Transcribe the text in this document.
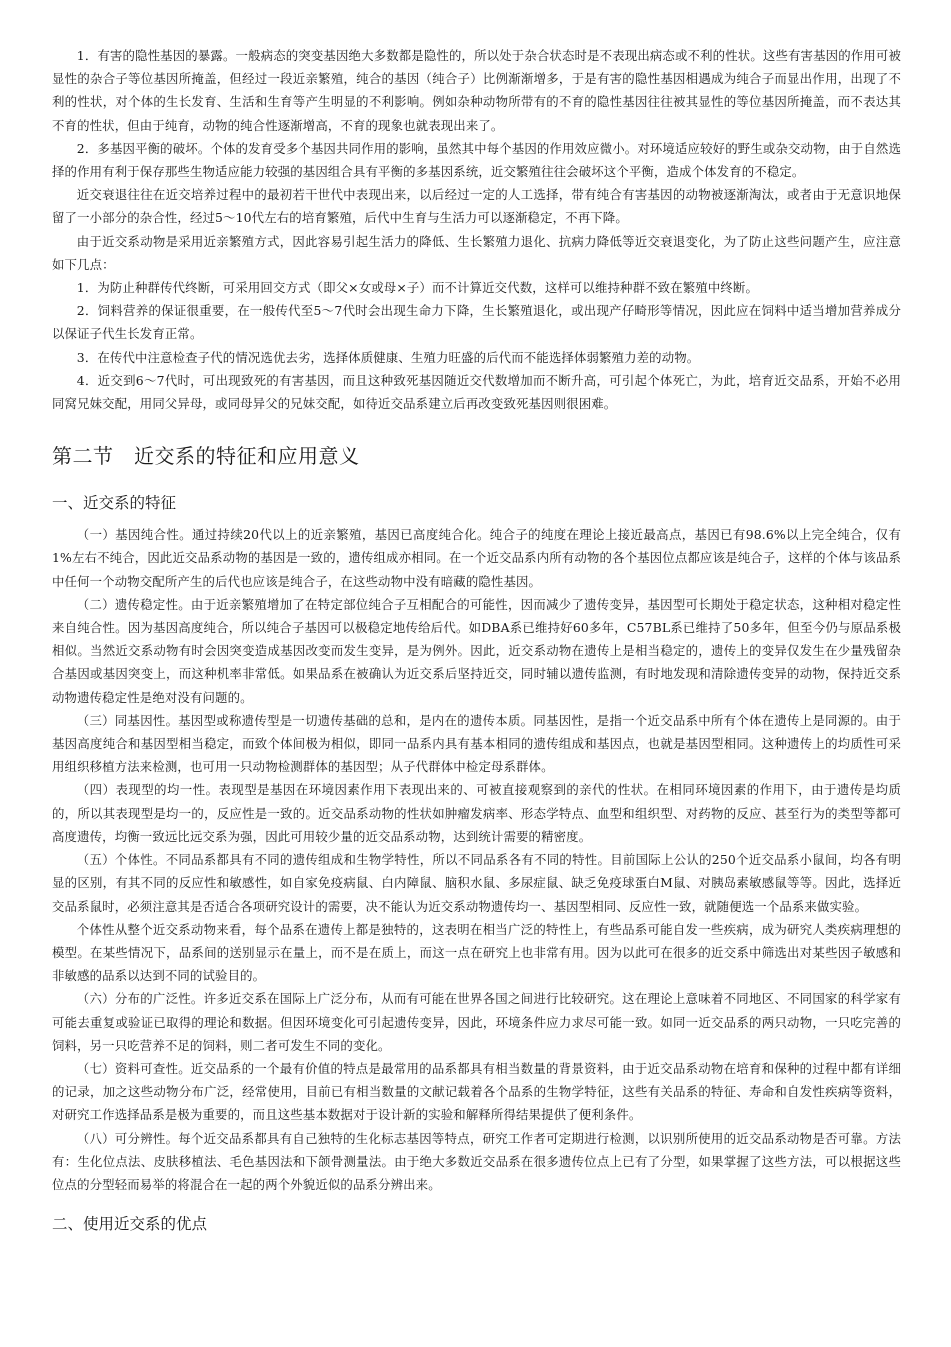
1．有害的隐性基因的暴露。一般病态的突变基因绝大多数都是隐性的，所以处于杂合状态时是不表现出病态或不利的性状。这些有害基因的作用可被显性的杂合子等位基因所掩盖，但经过一段近亲繁殖，纯合的基因（纯合子）比例渐渐增多，于是有害的隐性基因相遇成为纯合子而显出作用，出现了不利的性状，对个体的生长发育、生活和生育等产生明显的不利影响。例如杂种动物所带有的不育的隐性基因往往被其显性的等位基因所掩盖，而不表达其不育的性状，但由于纯育，动物的纯合性逐渐增高，不育的现象也就表现出来了。

2．多基因平衡的破坏。个体的发育受多个基因共同作用的影响，虽然其中每个基因的作用效应微小。对环境适应较好的野生或杂交动物，由于自然选择的作用有利于保存那些生物适应能力较强的基因组合具有平衡的多基因系统，近交繁殖往往会破坏这个平衡，造成个体发育的不稳定。

近交衰退往往在近交培养过程中的最初若干世代中表现出来，以后经过一定的人工选择，带有纯合有害基因的动物被逐渐淘汰，或者由于无意识地保留了一小部分的杂合性，经过5～10代左右的培育繁殖，后代中生育与生活力可以逐渐稳定，不再下降。

由于近交系动物是采用近亲繁殖方式，因此容易引起生活力的降低、生长繁殖力退化、抗病力降低等近交衰退变化，为了防止这些问题产生，应注意如下几点：

1．为防止种群传代终断，可采用回交方式（即父×女或母×子）而不计算近交代数，这样可以维持种群不致在繁殖中终断。

2．饲料营养的保证很重要，在一般传代至5～7代时会出现生命力下降，生长繁殖退化，或出现产仔畸形等情况，因此应在饲料中适当增加营养成分以保证子代生长发育正常。

3．在传代中注意检查子代的情况选优去劣，选择体质健康、生殖力旺盛的后代而不能选择体弱繁殖力差的动物。

4．近交到6～7代时，可出现致死的有害基因，而且这种致死基因随近交代数增加而不断升高，可引起个体死亡，为此，培育近交品系，开始不必用同窝兄妹交配，用同父异母，或同母异父的兄妹交配，如待近交品系建立后再改变致死基因则很困难。

第二节　近交系的特征和应用意义
一、近交系的特征

（一）基因纯合性。通过持续20代以上的近亲繁殖，基因已高度纯合化。纯合子的纯度在理论上接近最高点，基因已有98.6%以上完全纯合，仅有1%左右不纯合，因此近交品系动物的基因是一致的，遗传组成亦相同。在一个近交品系内所有动物的各个基因位点都应该是纯合子，这样的个体与该品系中任何一个动物交配所产生的后代也应该是纯合子，在这些动物中没有暗藏的隐性基因。

（二）遗传稳定性。由于近亲繁殖增加了在特定部位纯合子互相配合的可能性，因而减少了遗传变异，基因型可长期处于稳定状态，这种相对稳定性来自纯合性。因为基因高度纯合，所以纯合子基因可以极稳定地传给后代。如DBA系已维持好60多年，C57BL系已维持了50多年，但至今仍与原品系极相似。当然近交系动物有时会因突变造成基因改变而发生变异，是为例外。因此，近交系动物在遗传上是相当稳定的，遗传上的变异仅发生在少量残留杂合基因或基因突变上，而这种机率非常低。如果品系在被确认为近交系后坚持近交，同时辅以遗传监测，有时地发现和清除遗传变异的动物，保持近交系动物遗传稳定性是绝对没有问题的。

（三）同基因性。基因型或称遗传型是一切遗传基础的总和，是内在的遗传本质。同基因性，是指一个近交品系中所有个体在遗传上是同源的。由于基因高度纯合和基因型相当稳定，而致个体间极为相似，即同一品系内具有基本相同的遗传组成和基因点，也就是基因型相同。这种遗传上的均质性可采用组织移植方法来检测，也可用一只动物检测群体的基因型；从子代群体中检定母系群体。

（四）表现型的均一性。表现型是基因在环境因素作用下表现出来的、可被直接观察到的亲代的性状。在相同环境因素的作用下，由于遗传是均质的，所以其表现型是均一的，反应性是一致的。近交品系动物的性状如肿瘤发病率、形态学特点、血型和组织型、对药物的反应、甚至行为的类型等都可高度遗传，均衡一致远比远交系为强，因此可用较少量的近交品系动物，达到统计需要的精密度。

（五）个体性。不同品系都具有不同的遗传组成和生物学特性，所以不同品系各有不同的特性。目前国际上公认的250个近交品系小鼠间，均各有明显的区别，有其不同的反应性和敏感性，如自家免疫病鼠、白内障鼠、脑积水鼠、多尿症鼠、缺乏免疫球蛋白M鼠、对胰岛素敏感鼠等等。因此，选择近交品系鼠时，必须注意其是否适合各项研究设计的需要，决不能认为近交系动物遗传均一、基因型相同、反应性一致，就随便选一个品系来做实验。

个体性从整个近交系动物来看，每个品系在遗传上都是独特的，这表明在相当广泛的特性上，有些品系可能自发一些疾病，成为研究人类疾病理想的模型。在某些情况下，品系间的送别显示在量上，而不是在质上，而这一点在研究上也非常有用。因为以此可在很多的近交系中筛选出对某些因子敏感和非敏感的品系以达到不同的试验目的。

（六）分布的广泛性。许多近交系在国际上广泛分布，从而有可能在世界各国之间进行比较研究。这在理论上意味着不同地区、不同国家的科学家有可能去重复或验证已取得的理论和数据。但因环境变化可引起遗传变异，因此，环境条件应力求尽可能一致。如同一近交品系的两只动物，一只吃完善的饲料，另一只吃营养不足的饲料，则二者可发生不同的变化。

（七）资料可查性。近交品系的一个最有价值的特点是最常用的品系都具有相当数量的背景资料，由于近交品系动物在培育和保种的过程中都有详细的记录，加之这些动物分布广泛，经常使用，目前已有相当数量的文献记载着各个品系的生物学特征，这些有关品系的特征、寿命和自发性疾病等资料，对研究工作选择品系是极为重要的，而且这些基本数据对于设计新的实验和解释所得结果提供了便利条件。

（八）可分辨性。每个近交品系都具有自己独特的生化标志基因等特点，研究工作者可定期进行检测，以识别所使用的近交品系动物是否可靠。方法有：生化位点法、皮肤移植法、毛色基因法和下颌骨测量法。由于绝大多数近交品系在很多遗传位点上已有了分型，如果掌握了这些方法，可以根据这些位点的分型轻而易举的将混合在一起的两个外貌近似的品系分辨出来。

二、使用近交系的优点
